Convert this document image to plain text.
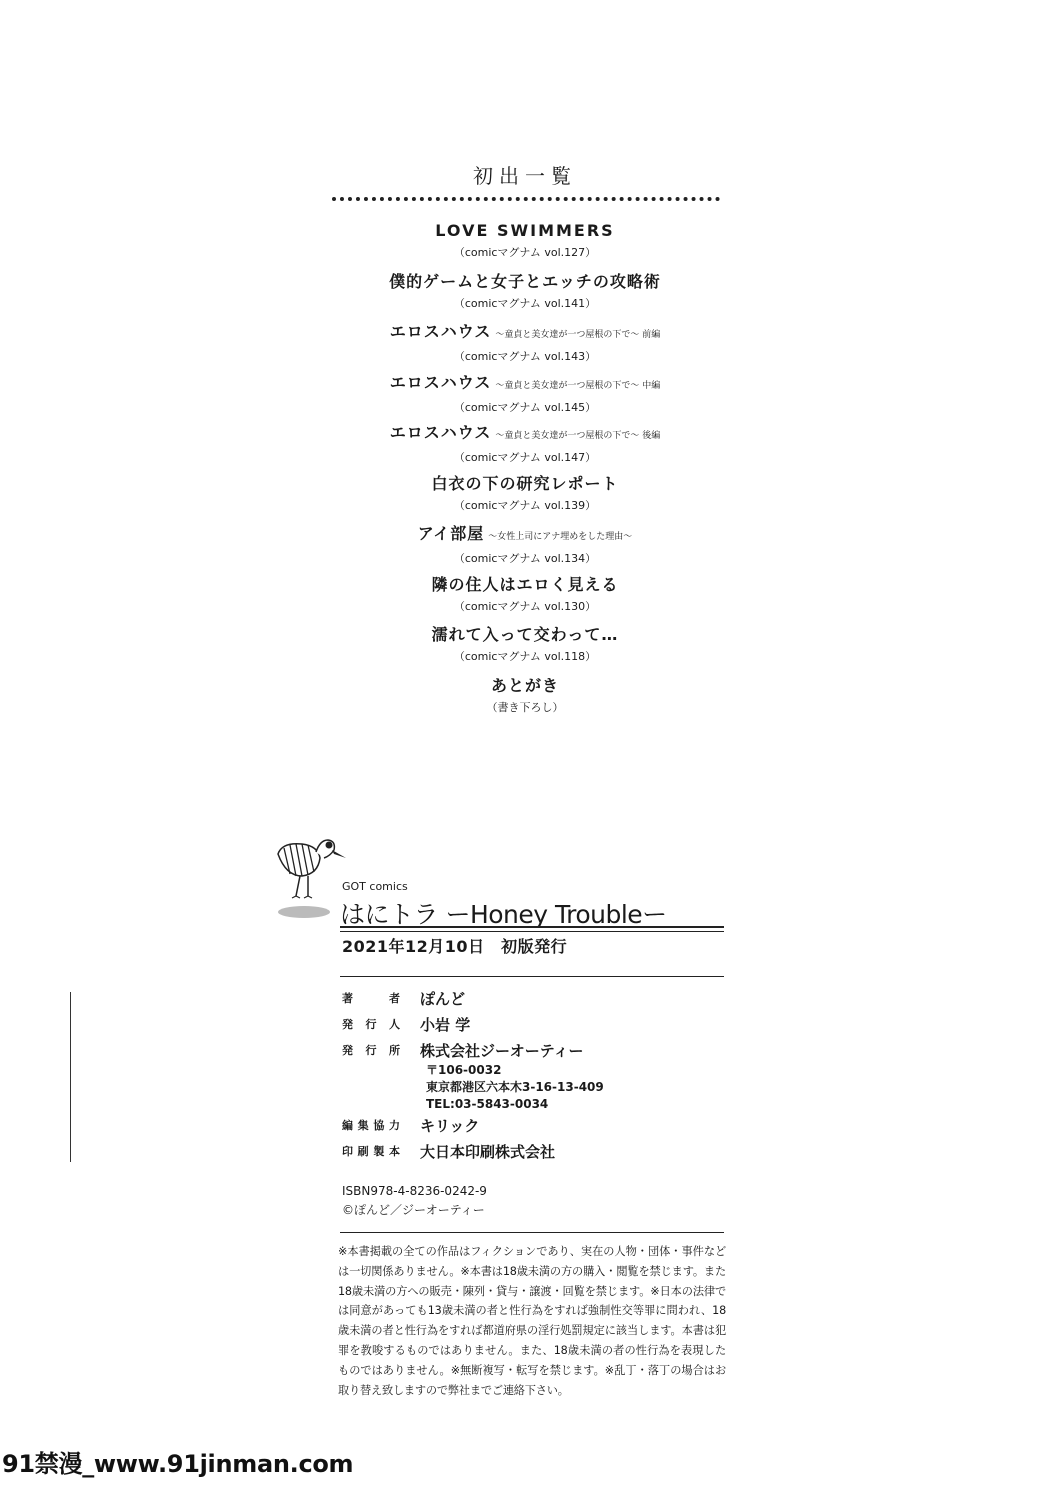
初出一覧
LOVE SWIMMERS
（comicマグナム vol.127）
僕的ゲームと女子とエッチの攻略術
（comicマグナム vol.141）
エロスハウス ～童貞と美女達が一つ屋根の下で～ 前編
（comicマグナム vol.143）
エロスハウス ～童貞と美女達が一つ屋根の下で～ 中編
（comicマグナム vol.145）
エロスハウス ～童貞と美女達が一つ屋根の下で～ 後編
（comicマグナム vol.147）
白衣の下の研究レポート
（comicマグナム vol.139）
アイ部屋 ～女性上司にアナ埋めをした理由～
（comicマグナム vol.134）
隣の住人はエロく見える
（comicマグナム vol.130）
濡れて入って交わって…
（comicマグナム vol.118）
あとがき
（書き下ろし）
GOT comics
はにトラ ーHoney Troubleー
2021年12月10日　初版発行
著者 ぽんど
発行人 小岩 学
発行所 株式会社ジーオーティー
編集協力 キリック
印刷製本 大日本印刷株式会社
〒106-0032
東京都港区六本木3-16-13-409
TEL:03-5843-0034
ISBN978-4-8236-0242-9
©ぽんど／ジーオーティー
※本書掲載の全ての作品はフィクションであり、実在の人物・団体・事件などは一切関係ありません。※本書は18歳未満の方の購入・閲覧を禁じます。また18歳未満の方への販売・陳列・貸与・譲渡・回覧を禁じます。※日本の法律では同意があっても13歳未満の者と性行為をすれば強制性交等罪に問われ、18歳未満の者と性行為をすれば都道府県の淫行処罰規定に該当します。本書は犯罪を教唆するものではありません。また、18歳未満の者の性行為を表現したものではありません。※無断複写・転写を禁じます。※乱丁・落丁の場合はお取り替え致しますので弊社までご連絡下さい。
91禁漫_www.91jinman.com
